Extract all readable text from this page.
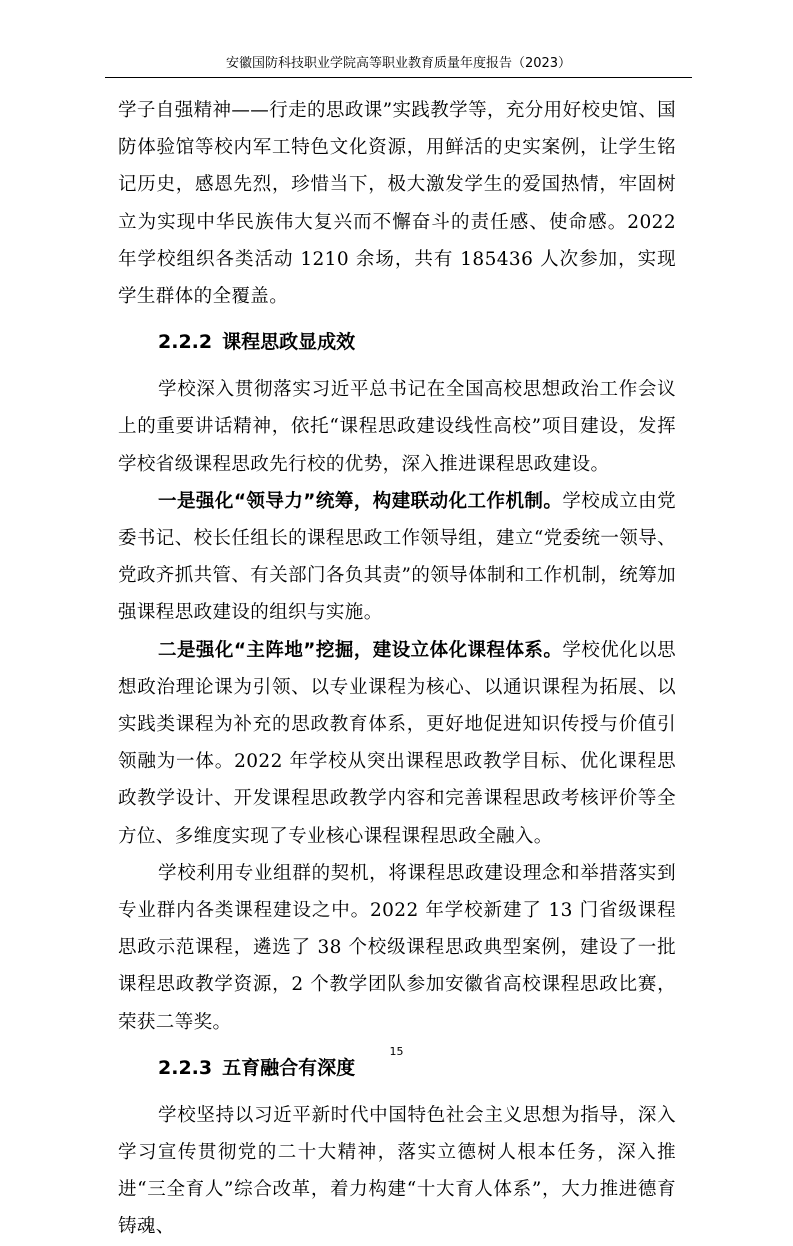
安徽国防科技职业学院高等职业教育质量年度报告（2023）

学子自强精神——行走的思政课”实践教学等，充分用好校史馆、国防体验馆等校内军工特色文化资源，用鲜活的史实案例，让学生铭记历史，感恩先烈，珍惜当下，极大激发学生的爱国热情，牢固树立为实现中华民族伟大复兴而不懈奋斗的责任感、使命感。2022 年学校组织各类活动 1210 余场，共有 185436 人次参加，实现学生群体的全覆盖。

2.2.2 课程思政显成效

学校深入贯彻落实习近平总书记在全国高校思想政治工作会议上的重要讲话精神，依托“课程思政建设线性高校”项目建设，发挥学校省级课程思政先行校的优势，深入推进课程思政建设。

一是强化“领导力”统筹，构建联动化工作机制。学校成立由党委书记、校长任组长的课程思政工作领导组，建立“党委统一领导、党政齐抓共管、有关部门各负其责”的领导体制和工作机制，统筹加强课程思政建设的组织与实施。

二是强化“主阵地”挖掘，建设立体化课程体系。学校优化以思想政治理论课为引领、以专业课程为核心、以通识课程为拓展、以实践类课程为补充的思政教育体系，更好地促进知识传授与价值引领融为一体。2022 年学校从突出课程思政教学目标、优化课程思政教学设计、开发课程思政教学内容和完善课程思政考核评价等全方位、多维度实现了专业核心课程课程思政全融入。

学校利用专业组群的契机，将课程思政建设理念和举措落实到专业群内各类课程建设之中。2022 年学校新建了 13 门省级课程思政示范课程，遴选了 38 个校级课程思政典型案例，建设了一批课程思政教学资源，2 个教学团队参加安徽省高校课程思政比赛，荣获二等奖。

2.2.3 五育融合有深度

学校坚持以习近平新时代中国特色社会主义思想为指导，深入学习宣传贯彻党的二十大精神，落实立德树人根本任务，深入推进“三全育人”综合改革，着力构建“十大育人体系”，大力推进德育铸魂、

15
